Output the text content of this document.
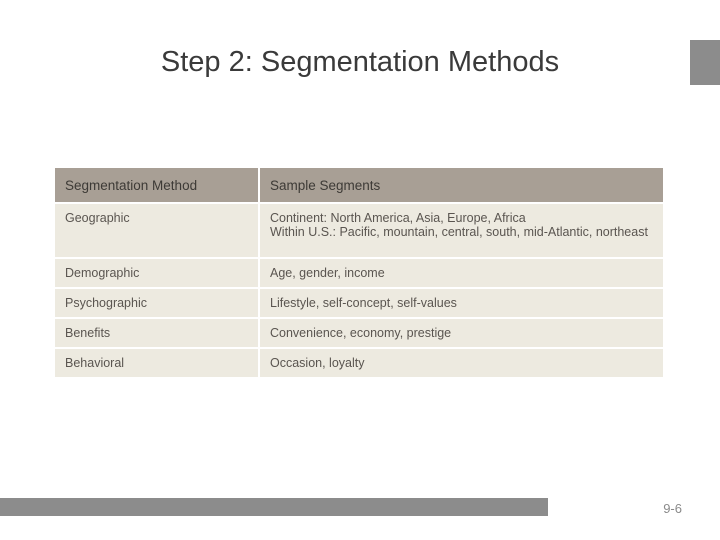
Step 2: Segmentation Methods
Segmentation Method	Sample Segments
Geographic	Continent: North America, Asia, Europe, Africa
Within U.S.: Pacific, mountain, central, south, mid-Atlantic, northeast

Demographic	Age, gender, income
Psychographic	Lifestyle, self-concept, self-values
Benefits	Convenience, economy, prestige
Behavioral	Occasion, loyalty
9-6
